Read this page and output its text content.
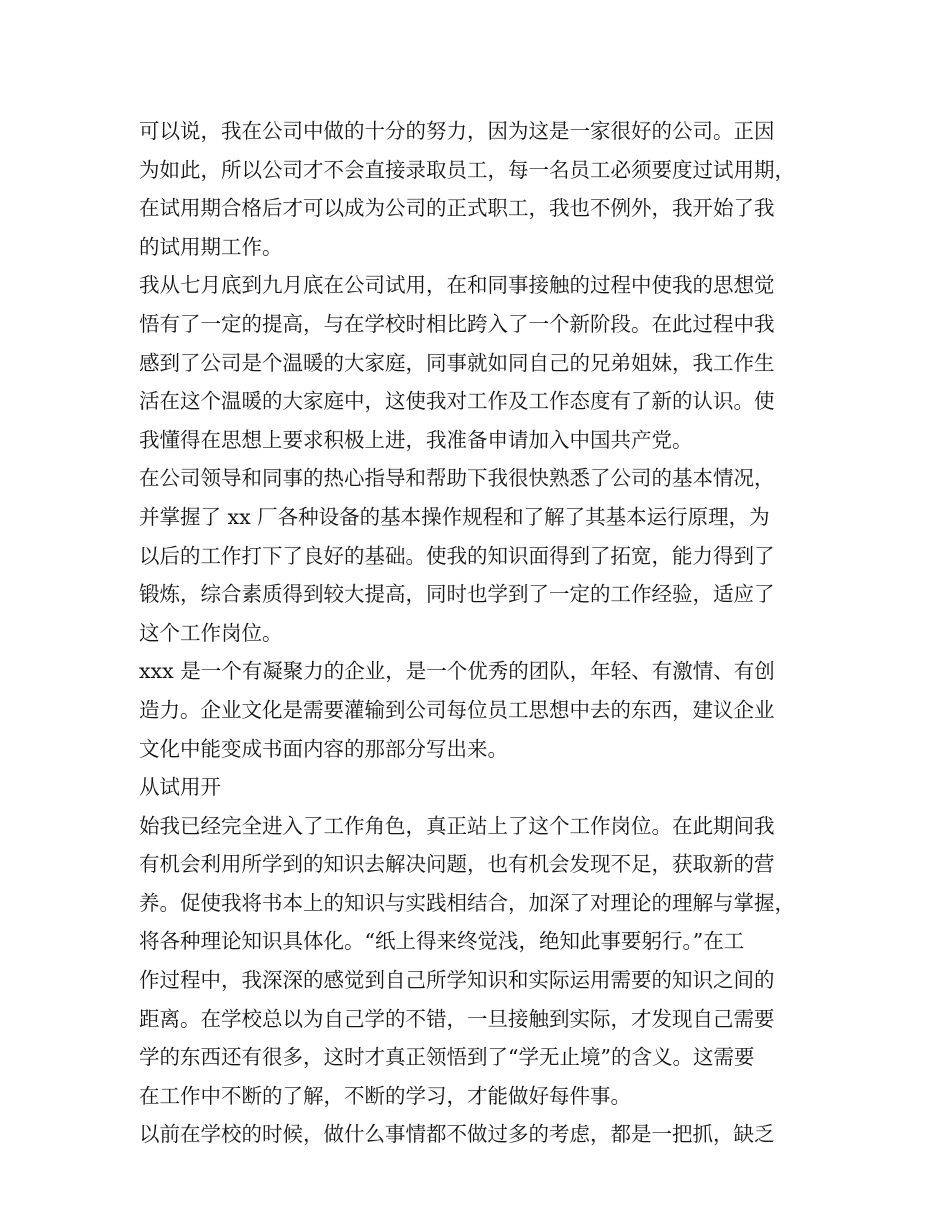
可以说，我在公司中做的十分的努力，因为这是一家很好的公司。正因
为如此，所以公司才不会直接录取员工，每一名员工必须要度过试用期，
在试用期合格后才可以成为公司的正式职工，我也不例外，我开始了我
的试用期工作。
我从七月底到九月底在公司试用，在和同事接触的过程中使我的思想觉
悟有了一定的提高，与在学校时相比跨入了一个新阶段。在此过程中我
感到了公司是个温暖的大家庭，同事就如同自己的兄弟姐妹，我工作生
活在这个温暖的大家庭中，这使我对工作及工作态度有了新的认识。使
我懂得在思想上要求积极上进，我准备申请加入中国共产党。
在公司领导和同事的热心指导和帮助下我很快熟悉了公司的基本情况，
并掌握了 xx 厂各种设备的基本操作规程和了解了其基本运行原理，为
以后的工作打下了良好的基础。使我的知识面得到了拓宽，能力得到了
锻炼，综合素质得到较大提高，同时也学到了一定的工作经验，适应了
这个工作岗位。
xxx 是一个有凝聚力的企业，是一个优秀的团队，年轻、有激情、有创
造力。企业文化是需要灌输到公司每位员工思想中去的东西，建议企业
文化中能变成书面内容的那部分写出来。
从试用开
始我已经完全进入了工作角色，真正站上了这个工作岗位。在此期间我
有机会利用所学到的知识去解决问题，也有机会发现不足，获取新的营
养。促使我将书本上的知识与实践相结合，加深了对理论的理解与掌握，
将各种理论知识具体化。“纸上得来终觉浅，绝知此事要躬行。”在工
作过程中，我深深的感觉到自己所学知识和实际运用需要的知识之间的
距离。在学校总以为自己学的不错，一旦接触到实际，才发现自己需要
学的东西还有很多，这时才真正领悟到了“学无止境”的含义。这需要
在工作中不断的了解，不断的学习，才能做好每件事。
以前在学校的时候，做什么事情都不做过多的考虑，都是一把抓，缺乏
